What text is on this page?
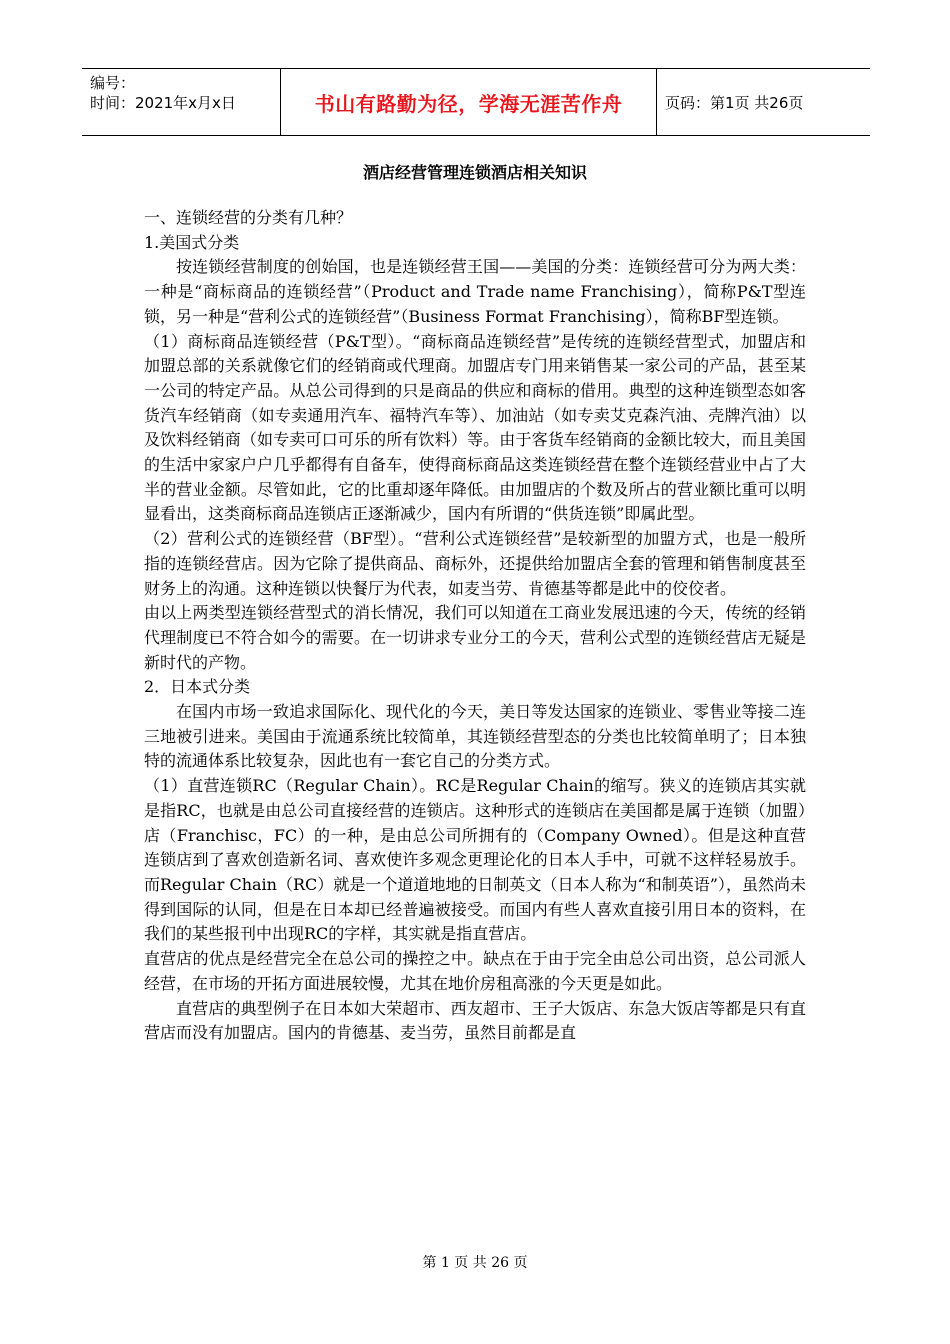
编号：
时间：2021年x月x日	书山有路勤为径，学海无涯苦作舟	页码：第1页 共26页
酒店经营管理连锁酒店相关知识

一、连锁经营的分类有几种？

1.美国式分类

按连锁经营制度的创始国，也是连锁经营王国——美国的分类：连锁经营可分为两大类：一种是“商标商品的连锁经营”（Product and Trade name Franchising），简称P&T型连锁，另一种是“营利公式的连锁经营”（Business Format Franchising），简称BF型连锁。

（1）商标商品连锁经营（P&T型）。“商标商品连锁经营”是传统的连锁经营型式，加盟店和加盟总部的关系就像它们的经销商或代理商。加盟店专门用来销售某一家公司的产品，甚至某一公司的特定产品。从总公司得到的只是商品的供应和商标的借用。典型的这种连锁型态如客货汽车经销商（如专卖通用汽车、福特汽车等）、加油站（如专卖艾克森汽油、壳牌汽油）以及饮料经销商（如专卖可口可乐的所有饮料）等。由于客货车经销商的金额比较大，而且美国的生活中家家户户几乎都得有自备车，使得商标商品这类连锁经营在整个连锁经营业中占了大半的营业金额。尽管如此，它的比重却逐年降低。由加盟店的个数及所占的营业额比重可以明显看出，这类商标商品连锁店正逐渐减少，国内有所谓的“供货连锁”即属此型。

（2）营利公式的连锁经营（BF型）。“营利公式连锁经营”是较新型的加盟方式，也是一般所指的连锁经营店。因为它除了提供商品、商标外，还提供给加盟店全套的管理和销售制度甚至财务上的沟通。这种连锁以快餐厅为代表，如麦当劳、肯德基等都是此中的佼佼者。

由以上两类型连锁经营型式的消长情况，我们可以知道在工商业发展迅速的今天，传统的经销代理制度已不符合如今的需要。在一切讲求专业分工的今天，营利公式型的连锁经营店无疑是新时代的产物。

2．日本式分类

在国内市场一致追求国际化、现代化的今天，美日等发达国家的连锁业、零售业等接二连三地被引进来。美国由于流通系统比较简单，其连锁经营型态的分类也比较简单明了；日本独特的流通体系比较复杂，因此也有一套它自己的分类方式。

（1）直营连锁RC（Regular Chain）。RC是Regular Chain的缩写。狭义的连锁店其实就是指RC，也就是由总公司直接经营的连锁店。这种形式的连锁店在美国都是属于连锁（加盟）店（Franchisc，FC）的一种，是由总公司所拥有的（Company Owned）。但是这种直营连锁店到了喜欢创造新名词、喜欢使许多观念更理论化的日本人手中，可就不这样轻易放手。而Regular Chain（RC）就是一个道道地地的日制英文（日本人称为“和制英语”），虽然尚未得到国际的认同，但是在日本却已经普遍被接受。而国内有些人喜欢直接引用日本的资料，在我们的某些报刊中出现RC的字样，其实就是指直营店。

直营店的优点是经营完全在总公司的操控之中。缺点在于由于完全由总公司出资，总公司派人经营，在市场的开拓方面进展较慢，尤其在地价房租高涨的今天更是如此。

直营店的典型例子在日本如大荣超市、西友超市、王子大饭店、东急大饭店等都是只有直营店而没有加盟店。国内的肯德基、麦当劳，虽然目前都是直

第 1 页 共 26 页
